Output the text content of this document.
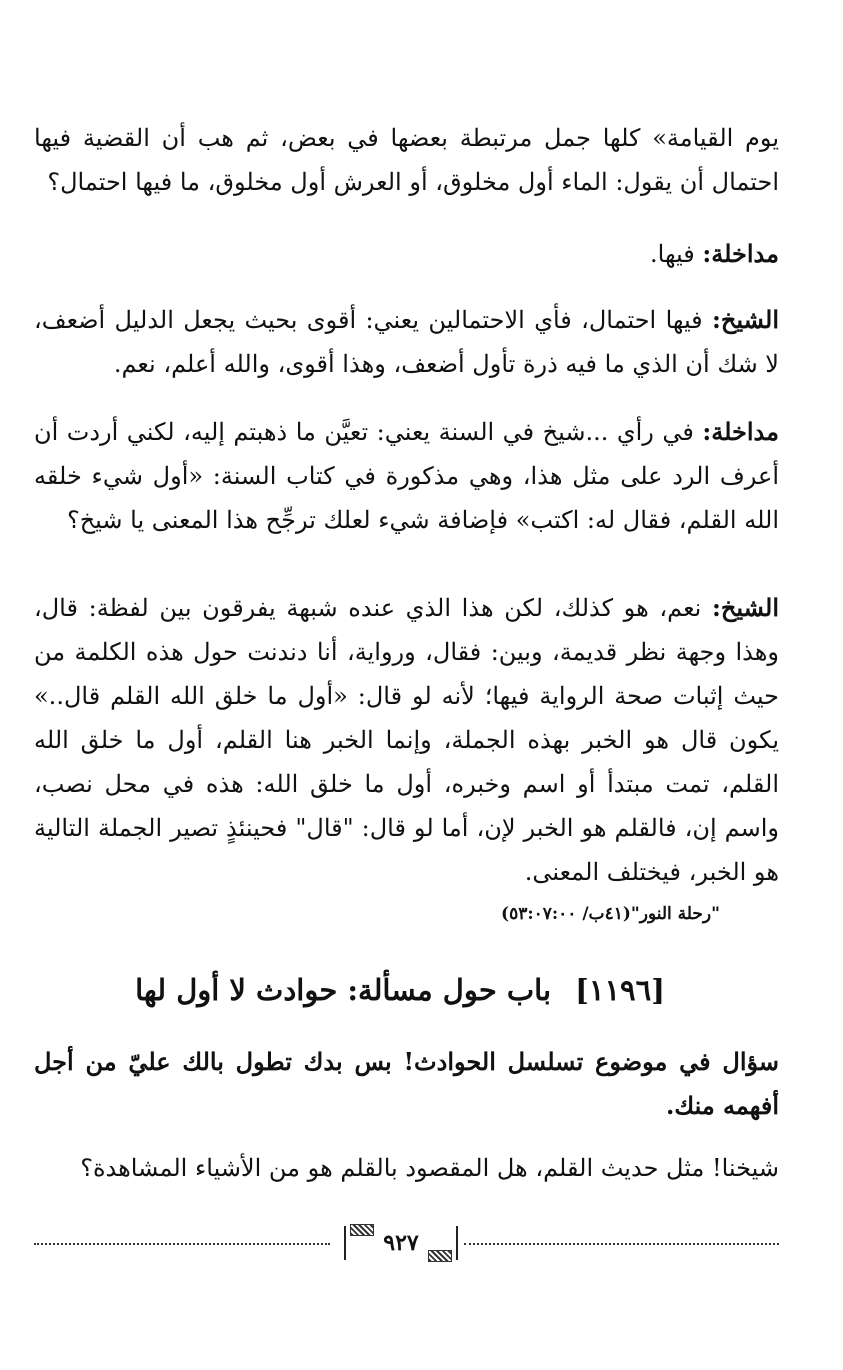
يوم القيامة» كلها جمل مرتبطة بعضها في بعض، ثم هب أن القضية فيها احتمال أن يقول: الماء أول مخلوق، أو العرش أول مخلوق، ما فيها احتمال؟
مداخلة: فيها.
الشيخ: فيها احتمال، فأي الاحتمالين يعني: أقوى بحيث يجعل الدليل أضعف، لا شك أن الذي ما فيه ذرة تأول أضعف، وهذا أقوى، والله أعلم، نعم.
مداخلة: في رأي ...شيخ في السنة يعني: تعيَّن ما ذهبتم إليه، لكني أردت أن أعرف الرد على مثل هذا، وهي مذكورة في كتاب السنة: «أول شيء خلقه الله القلم، فقال له: اكتب» فإضافة شيء لعلك ترجِّح هذا المعنى يا شيخ؟
الشيخ: نعم، هو كذلك، لكن هذا الذي عنده شبهة يفرقون بين لفظة: قال، وهذا وجهة نظر قديمة، وبين: فقال، ورواية، أنا دندنت حول هذه الكلمة من حيث إثبات صحة الرواية فيها؛ لأنه لو قال: «أول ما خلق الله القلم قال..» يكون قال هو الخبر بهذه الجملة، وإنما الخبر هنا القلم، أول ما خلق الله القلم، تمت مبتدأ أو اسم وخبره، أول ما خلق الله: هذه في محل نصب، واسم إن، فالقلم هو الخبر لإن، أما لو قال: "قال" فحينئذٍ تصير الجملة التالية هو الخبر، فيختلف المعنى.
"رحلة النور"(٤١ب/ ٥٣:٠٧:٠٠)
[١١٩٦] باب حول مسألة: حوادث لا أول لها
سؤال في موضوع تسلسل الحوادث! بس بدك تطول بالك عليّ من أجل أفهمه منك.
شيخنا! مثل حديث القلم، هل المقصود بالقلم هو من الأشياء المشاهدة؟
٩٢٧
